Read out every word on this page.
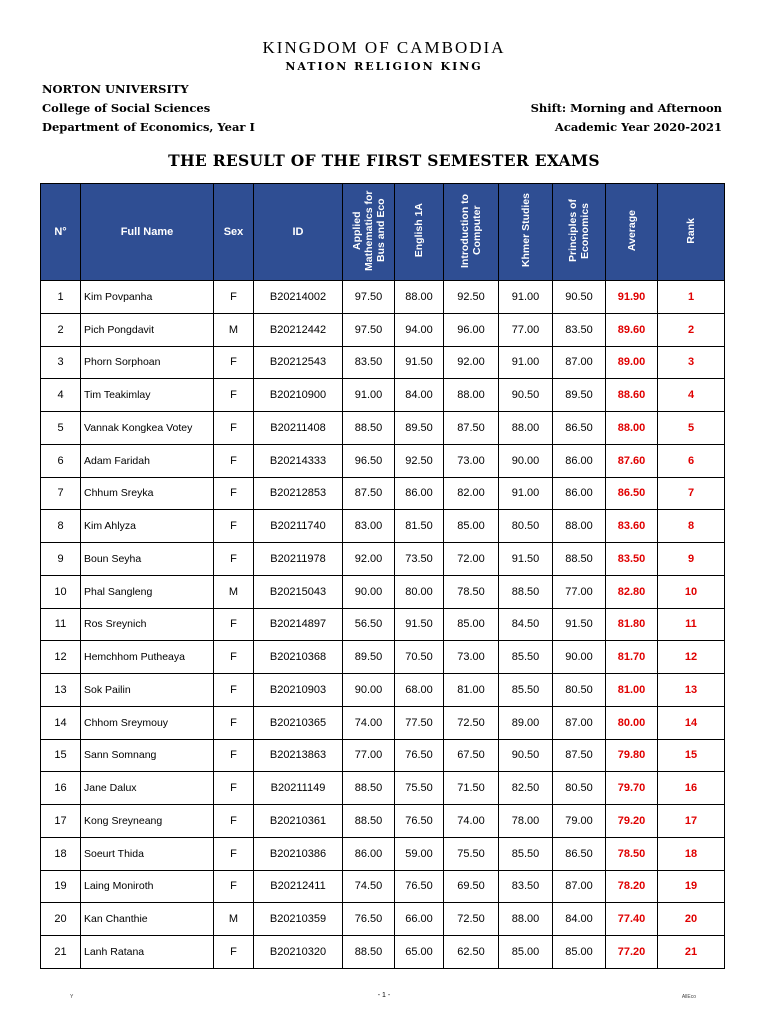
KINGDOM OF CAMBODIA
NATION RELIGION KING
NORTON UNIVERSITY
College of Social Sciences
Department of Economics, Year I
Shift: Morning and Afternoon
Academic Year 2020-2021
THE RESULT OF THE FIRST SEMESTER EXAMS
N°	Full Name	Sex	ID	Applied Mathematics for Bus and Eco	English 1A	Introduction to Computer	Khmer Studies	Principles of Economics	Average	Rank
1	Kim Povpanha	F	B20214002	97.50	88.00	92.50	91.00	90.50	91.90	1
2	Pich Pongdavit	M	B20212442	97.50	94.00	96.00	77.00	83.50	89.60	2
3	Phorn Sorphoan	F	B20212543	83.50	91.50	92.00	91.00	87.00	89.00	3
4	Tim Teakimlay	F	B20210900	91.00	84.00	88.00	90.50	89.50	88.60	4
5	Vannak Kongkea Votey	F	B20211408	88.50	89.50	87.50	88.00	86.50	88.00	5
6	Adam Faridah	F	B20214333	96.50	92.50	73.00	90.00	86.00	87.60	6
7	Chhum Sreyka	F	B20212853	87.50	86.00	82.00	91.00	86.00	86.50	7
8	Kim Ahlyza	F	B20211740	83.00	81.50	85.00	80.50	88.00	83.60	8
9	Boun Seyha	F	B20211978	92.00	73.50	72.00	91.50	88.50	83.50	9
10	Phal Sangleng	M	B20215043	90.00	80.00	78.50	88.50	77.00	82.80	10
11	Ros Sreynich	F	B20214897	56.50	91.50	85.00	84.50	91.50	81.80	11
12	Hemchhom Putheaya	F	B20210368	89.50	70.50	73.00	85.50	90.00	81.70	12
13	Sok Pailin	F	B20210903	90.00	68.00	81.00	85.50	80.50	81.00	13
14	Chhom Sreymouy	F	B20210365	74.00	77.50	72.50	89.00	87.00	80.00	14
15	Sann Somnang	F	B20213863	77.00	76.50	67.50	90.50	87.50	79.80	15
16	Jane Dalux	F	B20211149	88.50	75.50	71.50	82.50	80.50	79.70	16
17	Kong Sreyneang	F	B20210361	88.50	76.50	74.00	78.00	79.00	79.20	17
18	Soeurt Thida	F	B20210386	86.00	59.00	75.50	85.50	86.50	78.50	18
19	Laing Moniroth	F	B20212411	74.50	76.50	69.50	83.50	87.00	78.20	19
20	Kan Chanthie	M	B20210359	76.50	66.00	72.50	88.00	84.00	77.40	20
21	Lanh Ratana	F	B20210320	88.50	65.00	62.50	85.00	85.00	77.20	21
Y	- 1 -	AllEco
